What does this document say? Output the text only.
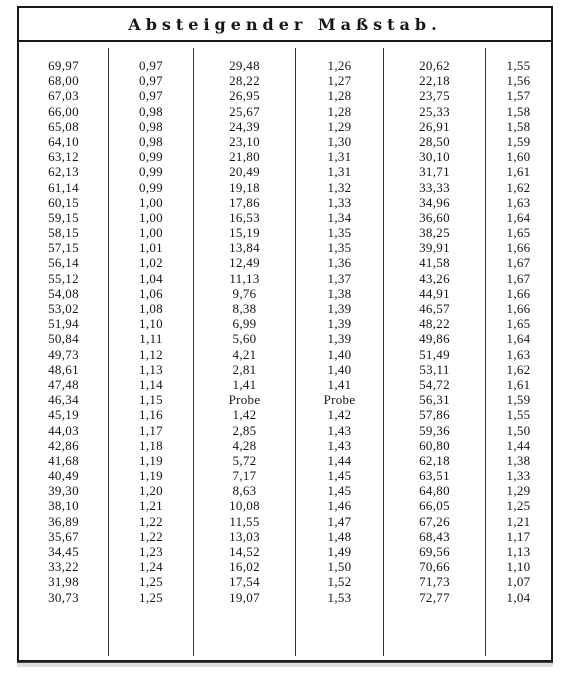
Absteigender Maßstab.
69,97
68,00
67,03
66,00
65,08
64,10
63,12
62,13
61,14
60,15
59,15
58,15
57,15
56,14
55,12
54,08
53,02
51,94
50,84
49,73
48,61
47,48
46,34
45,19
44,03
42,86
41,68
40,49
39,30
38,10
36,89
35,67
34,45
33,22
31,98
30,73
0,97
0,97
0,97
0,98
0,98
0,98
0,99
0,99
0,99
1,00
1,00
1,00
1,01
1,02
1,04
1,06
1,08
1,10
1,11
1,12
1,13
1,14
1,15
1,16
1,17
1,18
1,19
1,19
1,20
1,21
1,22
1,22
1,23
1,24
1,25
1,25
29,48
28,22
26,95
25,67
24,39
23,10
21,80
20,49
19,18
17,86
16,53
15,19
13,84
12,49
11,13
9,76
8,38
6,99
5,60
4,21
2,81
1,41
Probe
1,42
2,85
4,28
5,72
7,17
8,63
10,08
11,55
13,03
14,52
16,02
17,54
19,07
1,26
1,27
1,28
1,28
1,29
1,30
1,31
1,31
1,32
1,33
1,34
1,35
1,35
1,36
1,37
1,38
1,39
1,39
1,39
1,40
1,40
1,41
Probe
1,42
1,43
1,43
1,44
1,45
1,45
1,46
1,47
1,48
1,49
1,50
1,52
1,53
20,62
22,18
23,75
25,33
26,91
28,50
30,10
31,71
33,33
34,96
36,60
38,25
39,91
41,58
43,26
44,91
46,57
48,22
49,86
51,49
53,11
54,72
56,31
57,86
59,36
60,80
62,18
63,51
64,80
66,05
67,26
68,43
69,56
70,66
71,73
72,77
1,55
1,56
1,57
1,58
1,58
1,59
1,60
1,61
1,62
1,63
1,64
1,65
1,66
1,67
1,67
1,66
1,66
1,65
1,64
1,63
1,62
1,61
1,59
1,55
1,50
1,44
1,38
1,33
1,29
1,25
1,21
1,17
1,13
1,10
1,07
1,04
